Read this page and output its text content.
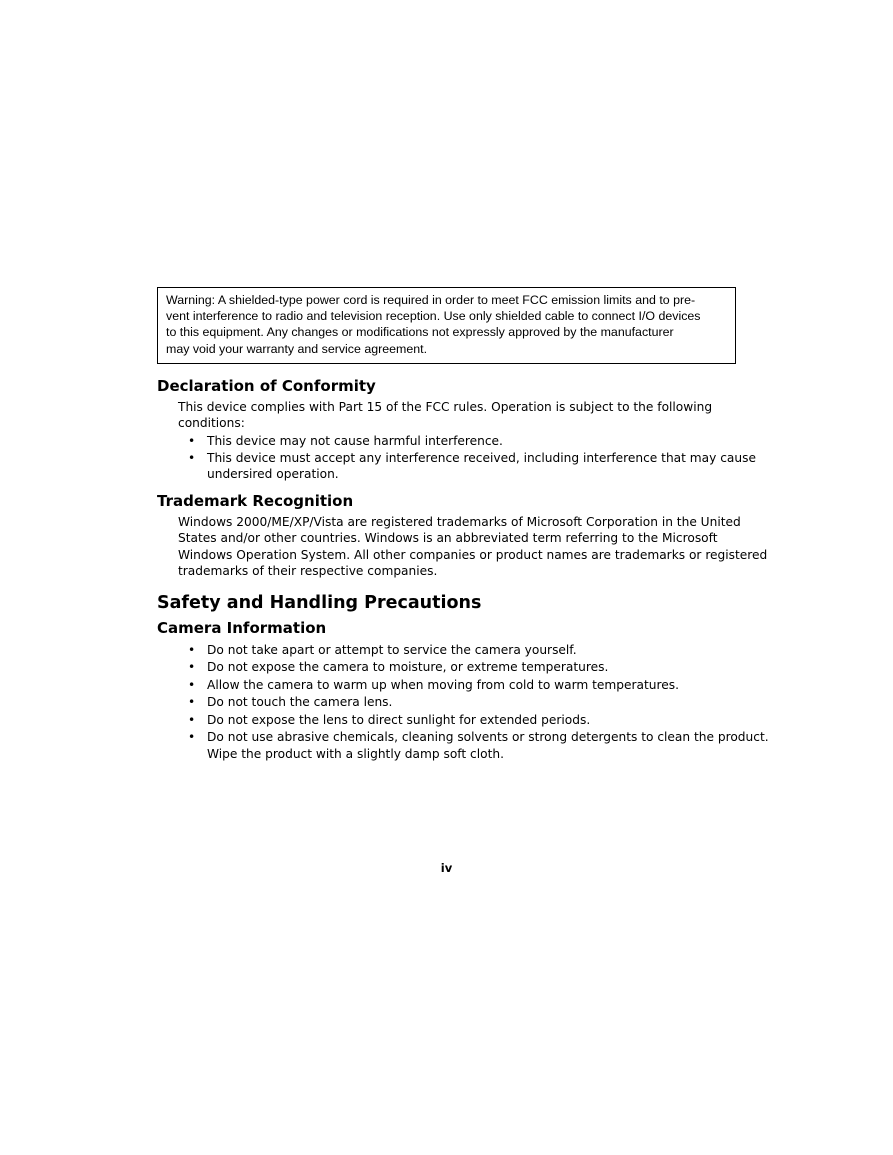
Warning: A shielded-type power cord is required in order to meet FCC emission limits and to pre-
vent interference to radio and television reception. Use only shielded cable to connect I/O devices
to this equipment. Any changes or modifications not expressly approved by the manufacturer
may void your warranty and service agreement.
Declaration of Conformity
This device complies with Part 15 of the FCC rules. Operation is subject to the following
conditions:
• This device may not cause harmful interference.
• This device must accept any interference received, including interference that may cause
undersired operation.
Trademark Recognition
Windows 2000/ME/XP/Vista are registered trademarks of Microsoft Corporation in the United
States and/or other countries. Windows is an abbreviated term referring to the Microsoft
Windows Operation System. All other companies or product names are trademarks or registered
trademarks of their respective companies.
Safety and Handling Precautions
Camera Information
• Do not take apart or attempt to service the camera yourself.
• Do not expose the camera to moisture, or extreme temperatures.
• Allow the camera to warm up when moving from cold to warm temperatures.
• Do not touch the camera lens.
• Do not expose the lens to direct sunlight for extended periods.
• Do not use abrasive chemicals, cleaning solvents or strong detergents to clean the product.
Wipe the product with a slightly damp soft cloth.
iv
